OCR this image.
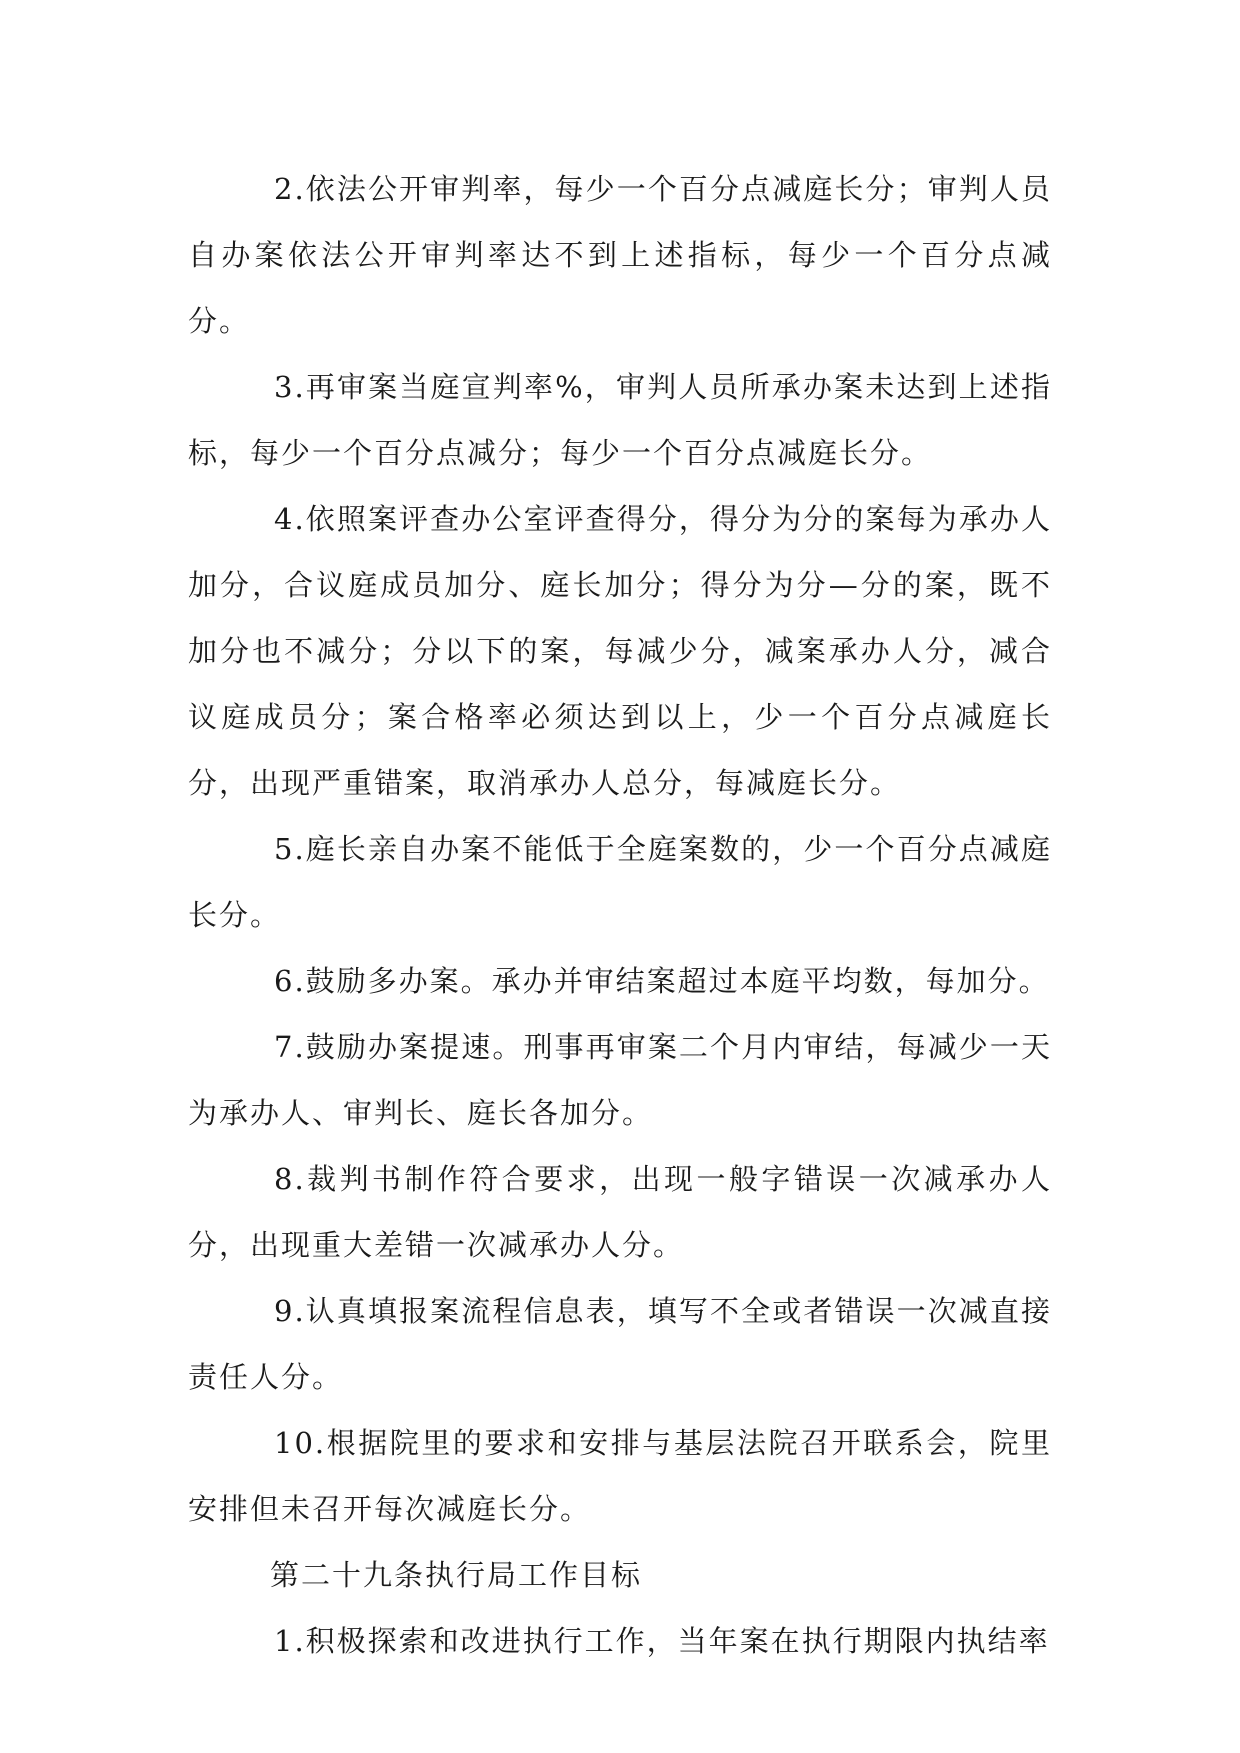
2.依法公开审判率，每少一个百分点减庭长分；审判人员自办案依法公开审判率达不到上述指标，每少一个百分点减分。

3.再审案当庭宣判率%，审判人员所承办案未达到上述指标，每少一个百分点减分；每少一个百分点减庭长分。

4.依照案评查办公室评查得分，得分为分的案每为承办人加分，合议庭成员加分、庭长加分；得分为分—分的案，既不加分也不减分；分以下的案，每减少分，减案承办人分，减合议庭成员分；案合格率必须达到以上，少一个百分点减庭长分，出现严重错案，取消承办人总分，每减庭长分。

5.庭长亲自办案不能低于全庭案数的，少一个百分点减庭长分。

6.鼓励多办案。承办并审结案超过本庭平均数，每加分。

7.鼓励办案提速。刑事再审案二个月内审结，每减少一天为承办人、审判长、庭长各加分。

8.裁判书制作符合要求，出现一般字错误一次减承办人分，出现重大差错一次减承办人分。

9.认真填报案流程信息表，填写不全或者错误一次减直接责任人分。

10.根据院里的要求和安排与基层法院召开联系会，院里安排但未召开每次减庭长分。

第二十九条执行局工作目标

1.积极探索和改进执行工作，当年案在执行期限内执结率
